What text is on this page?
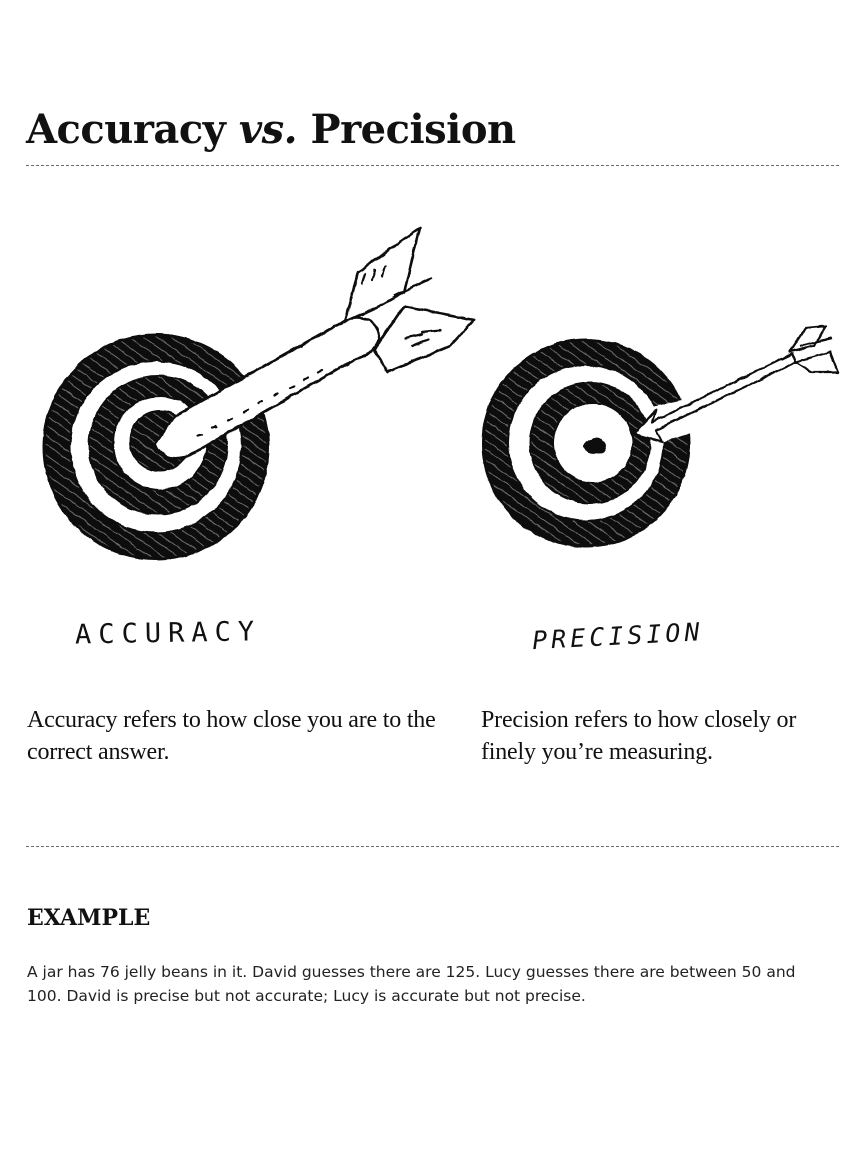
Accuracy vs. Precision
ACCURACY	PRECISION

Accuracy refers to how close you are to the correct answer.

Precision refers to how closely or finely you’re measuring.

EXAMPLE

A jar has 76 jelly beans in it. David guesses there are 125. Lucy guesses there are between 50 and 100. David is precise but not accurate; Lucy is accurate but not precise.
